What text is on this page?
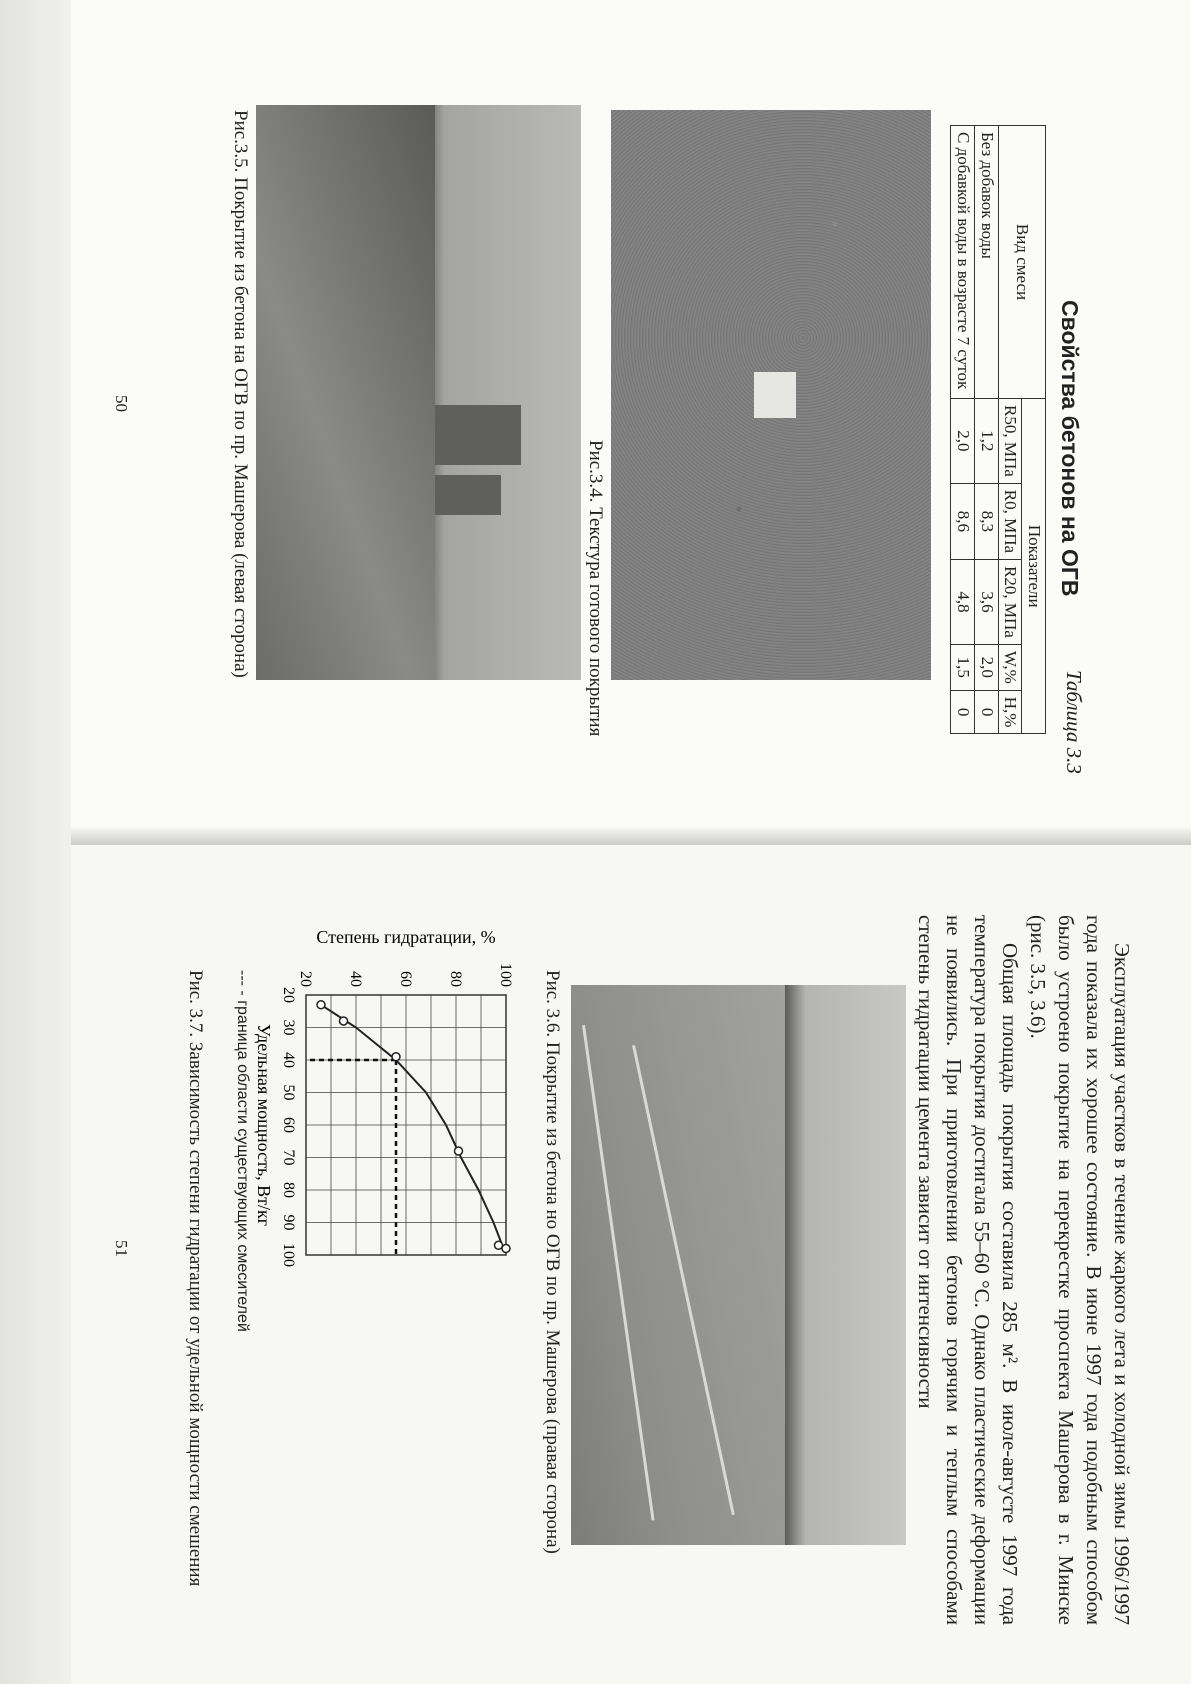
Таблица 3.3
Свойства бетонов на ОГВ
Вид смеси	Показатели				
	R50, МПа	R0, МПа	R20, МПа	W,%	H,%
Без добавок воды	1,2	8,3	3,6	2,0	0
С добавкой воды в возрасте 7 суток	2,0	8,6	4,8	1,5	0
Рис.3.4. Текстура готового покрытия
Рис.3.5. Покрытие из бетона на ОГВ по пр. Машерова (левая сторона)
50

Эксплуатация участков в течение жаркого лета и холодной зимы 1996/1997 года показала их хорошее состояние. В июне 1997 года подобным способом было устроено покрытие на перекрестке проспекта Машерова в г. Минске (рис. 3.5, 3.6).

Общая площадь покрытия составила 285 м². В июле-августе 1997 года температура покрытия достигала 55–60 °С. Однако пластические деформации не появились. При приготовлении бетонов горячим и теплым способами степень гидратации цемента зависит от интенсивности

Рис. 3.6. Покрытие из бетона но ОГВ по пр. Машерова (правая сторона)
20
30
40
50
60
70
80
90
100
20 40 60 80 100
Удельная мощность, Вт/кг
Степень гидратации, %
--- - граница области существующих смесителей
Рис. 3.7. Зависимость степени гидратации от удельной мощности смешения
51
